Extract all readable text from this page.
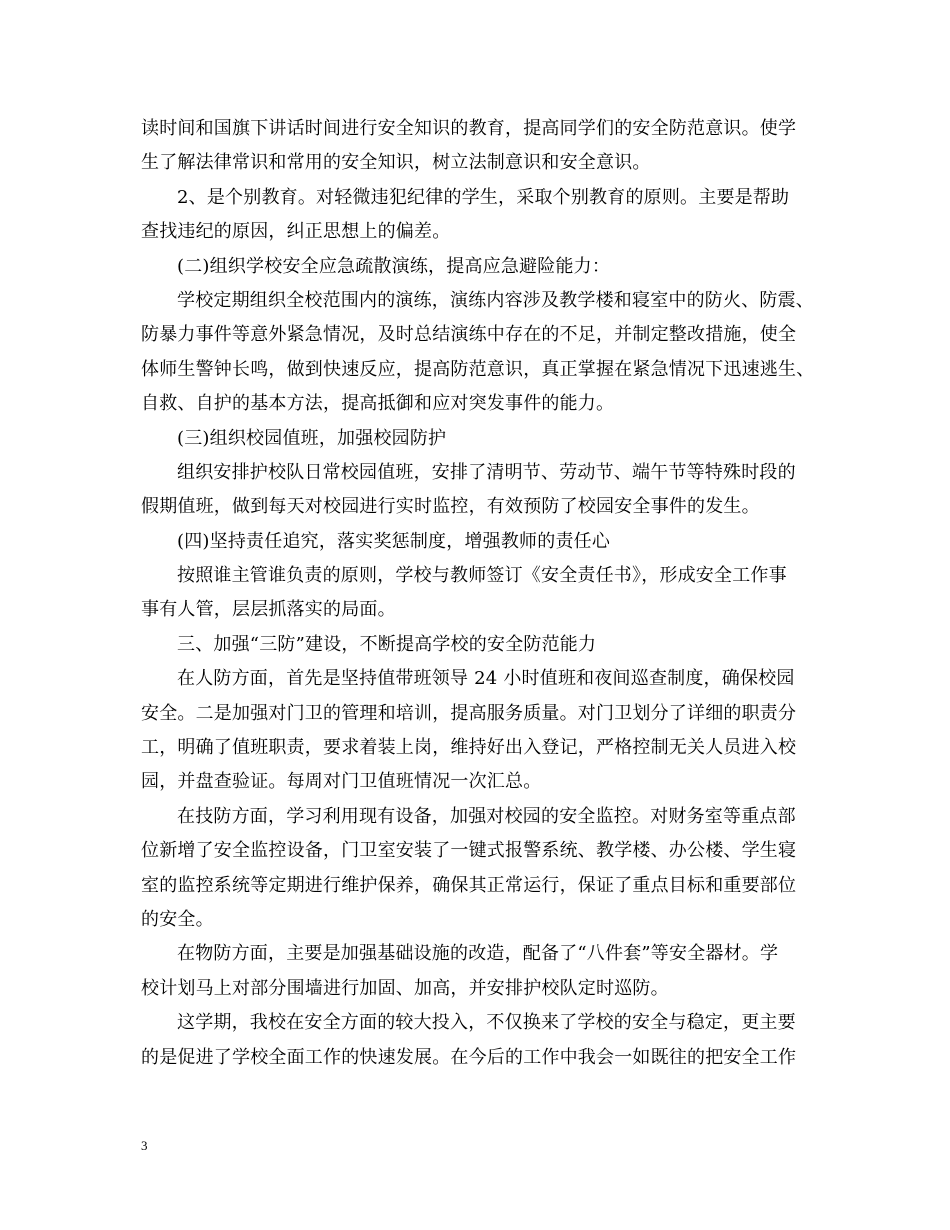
读时间和国旗下讲话时间进行安全知识的教育，提高同学们的安全防范意识。使学
生了解法律常识和常用的安全知识，树立法制意识和安全意识。
2、是个别教育。对轻微违犯纪律的学生，采取个别教育的原则。主要是帮助
查找违纪的原因，纠正思想上的偏差。
(二)组织学校安全应急疏散演练，提高应急避险能力：
学校定期组织全校范围内的演练，演练内容涉及教学楼和寝室中的防火、防震、
防暴力事件等意外紧急情况，及时总结演练中存在的不足，并制定整改措施，使全
体师生警钟长鸣，做到快速反应，提高防范意识，真正掌握在紧急情况下迅速逃生、
自救、自护的基本方法，提高抵御和应对突发事件的能力。
(三)组织校园值班，加强校园防护
组织安排护校队日常校园值班，安排了清明节、劳动节、端午节等特殊时段的
假期值班，做到每天对校园进行实时监控，有效预防了校园安全事件的发生。
(四)坚持责任追究，落实奖惩制度，增强教师的责任心
按照谁主管谁负责的原则，学校与教师签订《安全责任书》，形成安全工作事
事有人管，层层抓落实的局面。
三、加强“三防”建设，不断提高学校的安全防范能力
在人防方面，首先是坚持值带班领导 24 小时值班和夜间巡查制度，确保校园
安全。二是加强对门卫的管理和培训，提高服务质量。对门卫划分了详细的职责分
工，明确了值班职责，要求着装上岗，维持好出入登记，严格控制无关人员进入校
园，并盘查验证。每周对门卫值班情况一次汇总。
在技防方面，学习利用现有设备，加强对校园的安全监控。对财务室等重点部
位新增了安全监控设备，门卫室安装了一键式报警系统、教学楼、办公楼、学生寝
室的监控系统等定期进行维护保养，确保其正常运行，保证了重点目标和重要部位
的安全。
在物防方面，主要是加强基础设施的改造，配备了“八件套”等安全器材。学
校计划马上对部分围墙进行加固、加高，并安排护校队定时巡防。
这学期，我校在安全方面的较大投入，不仅换来了学校的安全与稳定，更主要
的是促进了学校全面工作的快速发展。在今后的工作中我会一如既往的把安全工作
3
